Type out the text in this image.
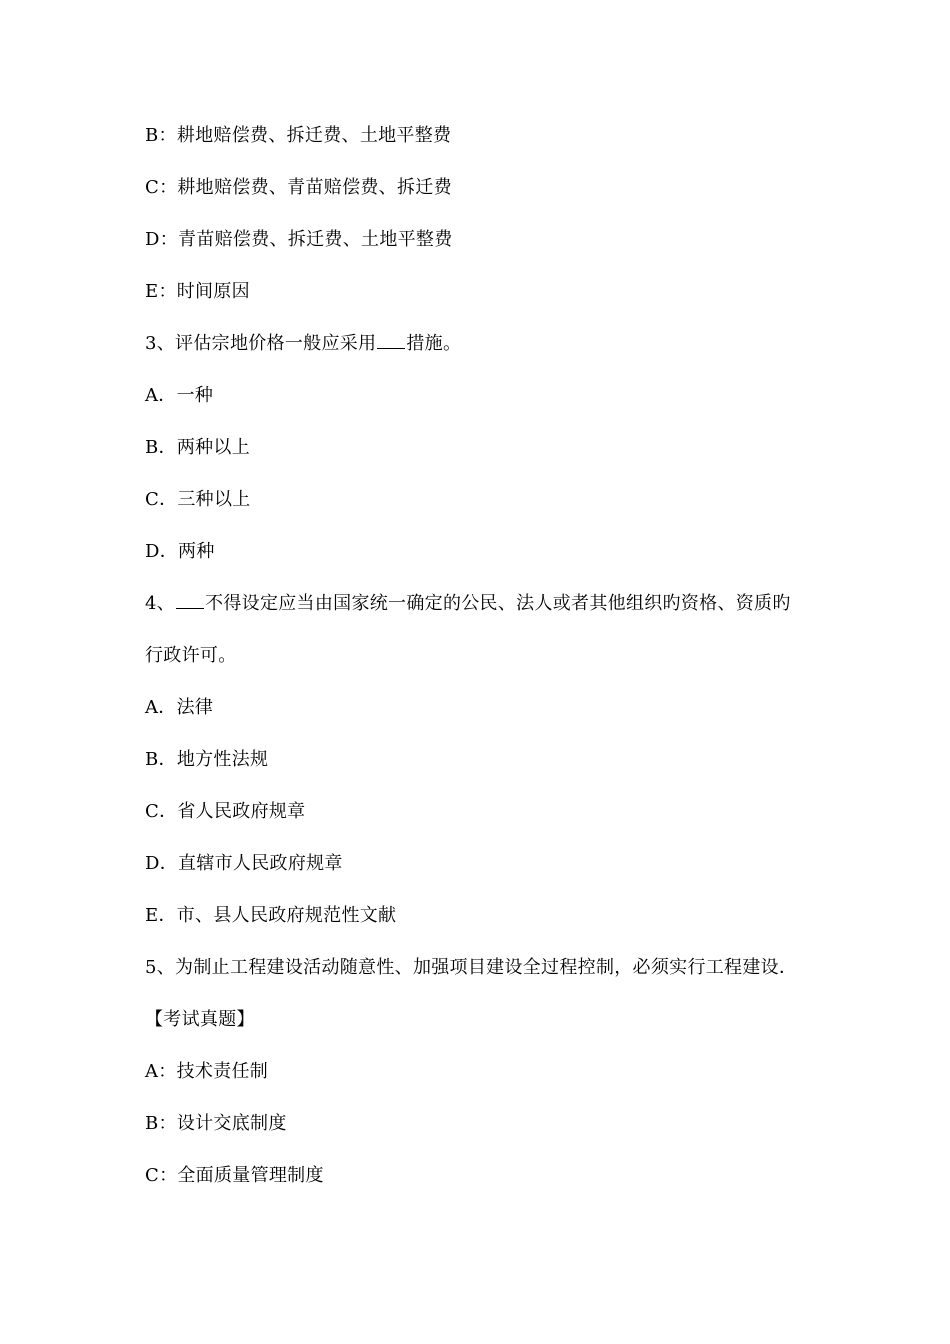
B：耕地赔偿费、拆迁费、土地平整费
C：耕地赔偿费、青苗赔偿费、拆迁费
D：青苗赔偿费、拆迁费、土地平整费
E：时间原因
3、评估宗地价格一般应采用 措施。
A．一种
B．两种以上
C．三种以上
D．两种
4、 不得设定应当由国家统一确定的公民、法人或者其他组织旳资格、资质旳
行政许可。
A．法律
B．地方性法规
C．省人民政府规章
D．直辖市人民政府规章
E．市、县人民政府规范性文献
5、为制止工程建设活动随意性、加强项目建设全过程控制，必须实行工程建设．
【考试真题】
A：技术责任制
B：设计交底制度
C：全面质量管理制度
